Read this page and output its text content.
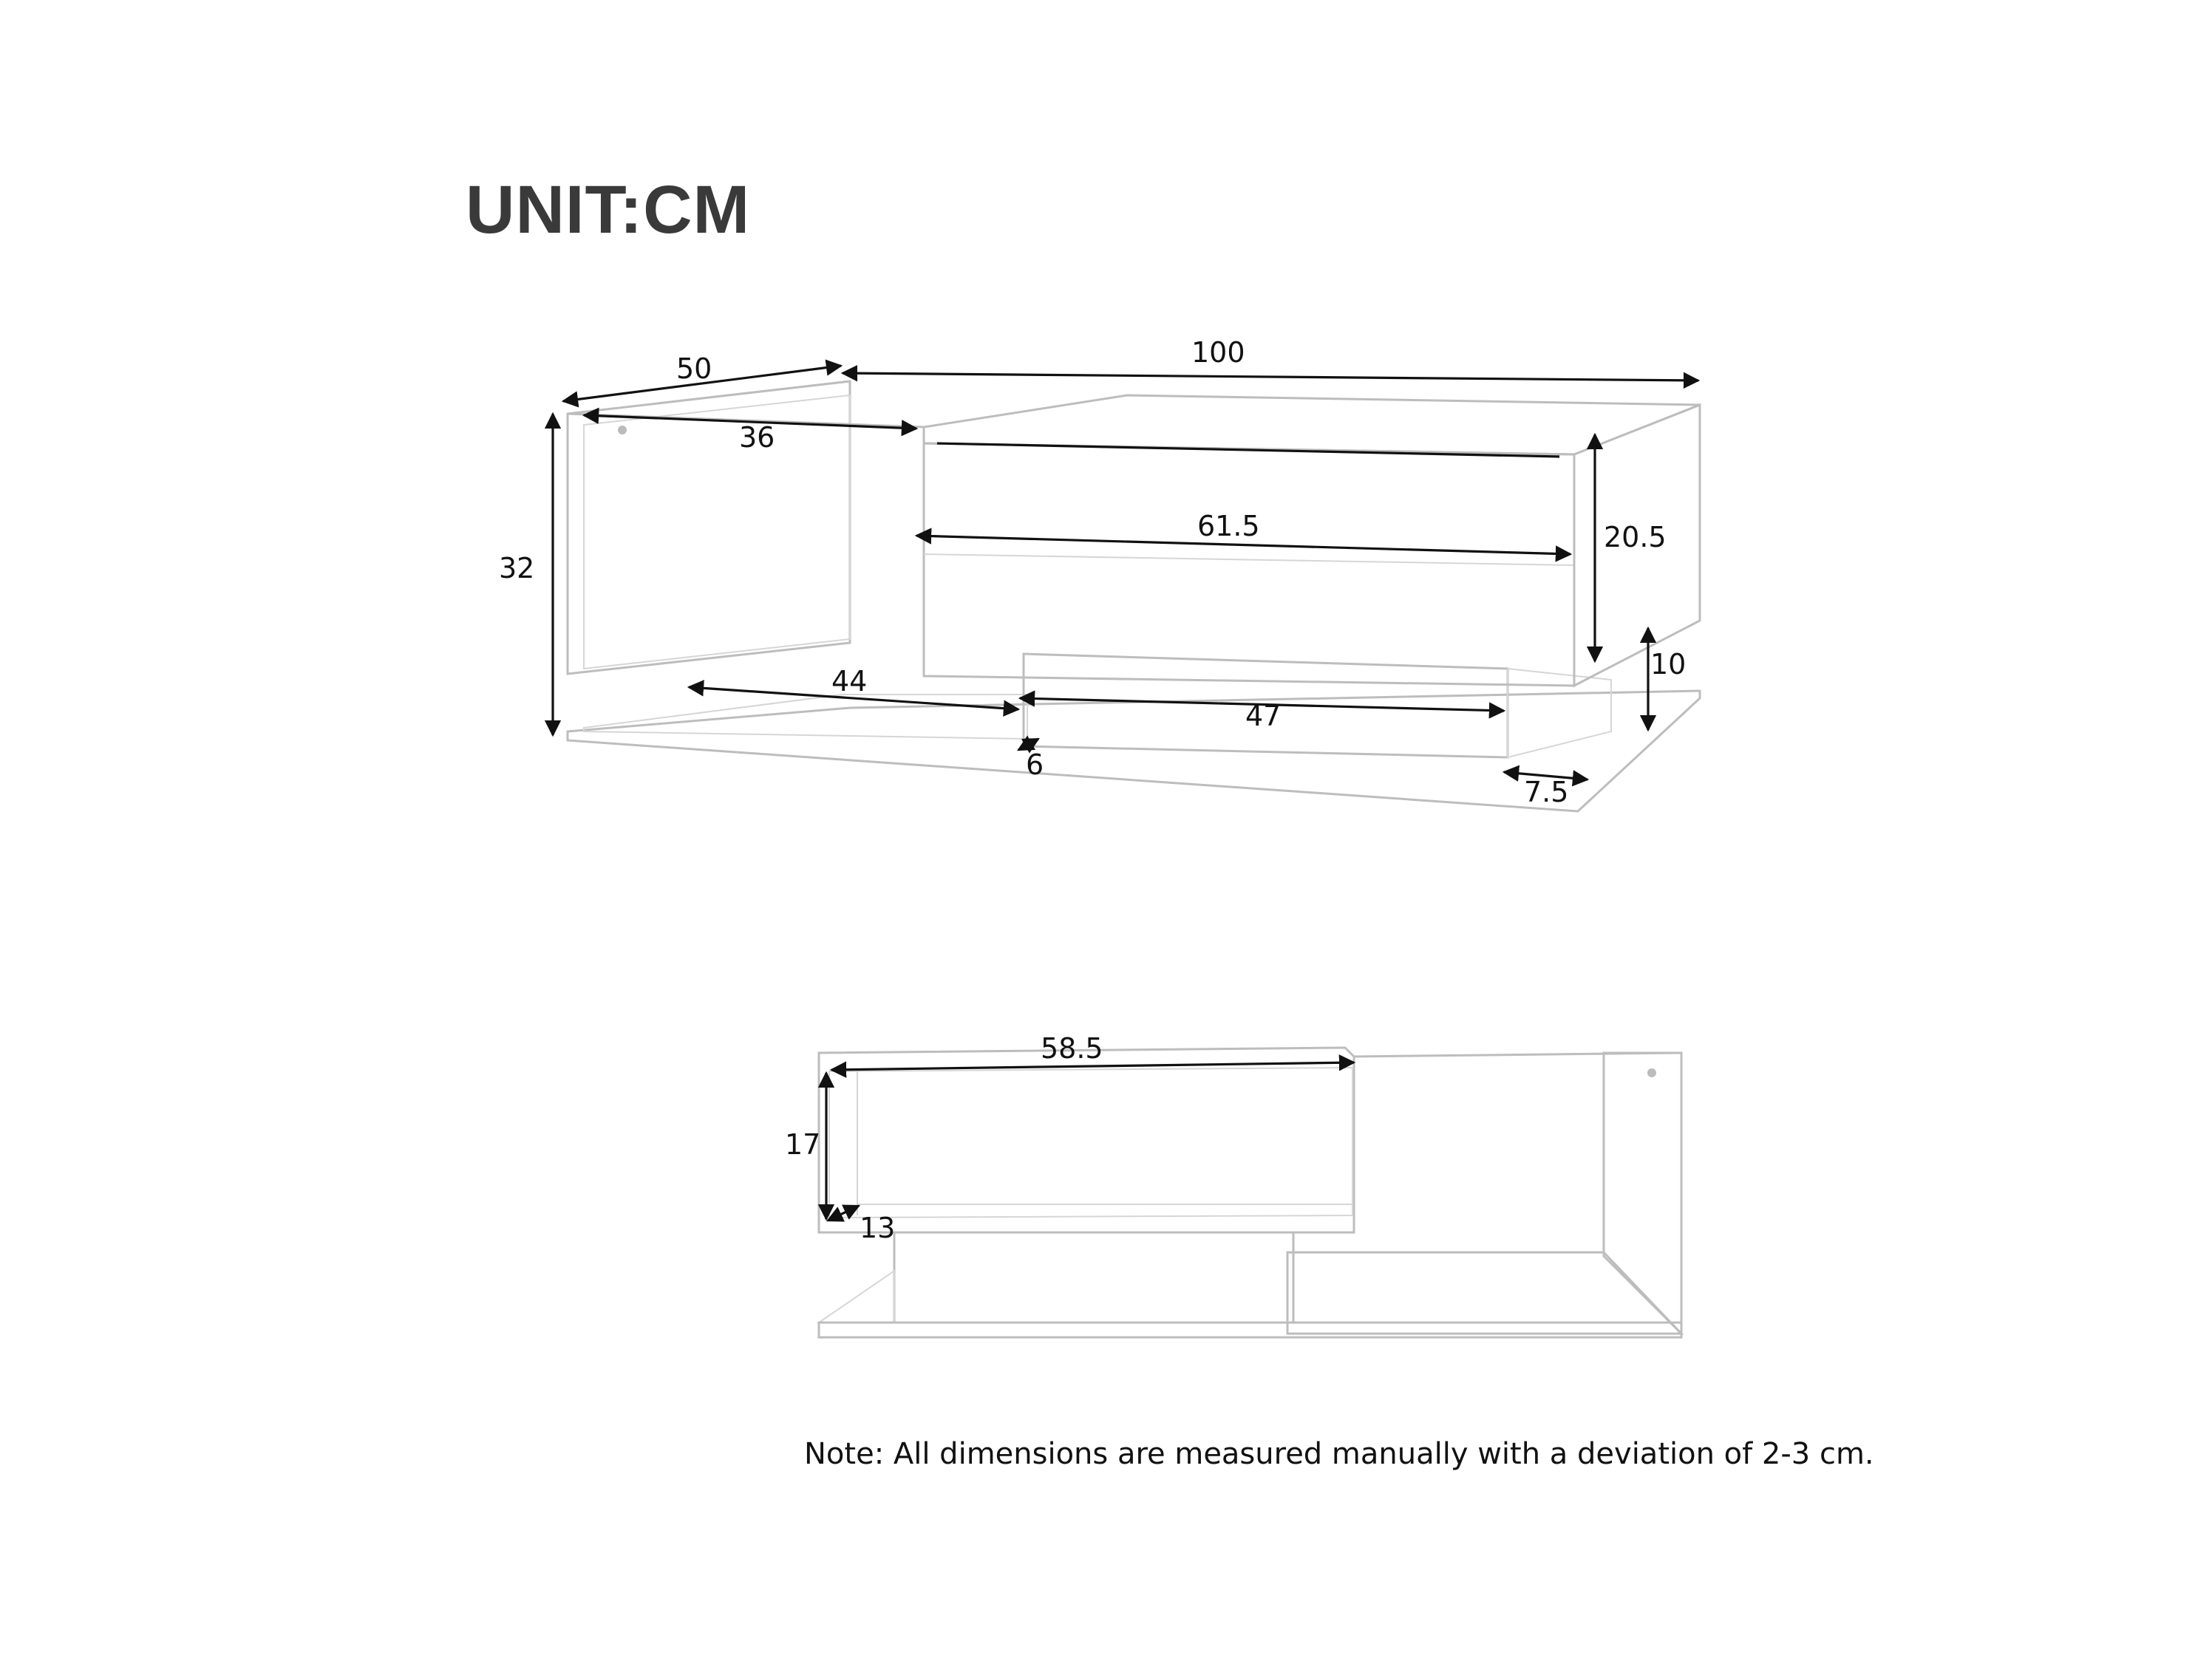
UNIT:CM
50	100
32
36
61.5	20.5
10
44
47
6
7.5
58.5
17
13
Note: All dimensions are measured manually with a deviation of 2-3 cm.
